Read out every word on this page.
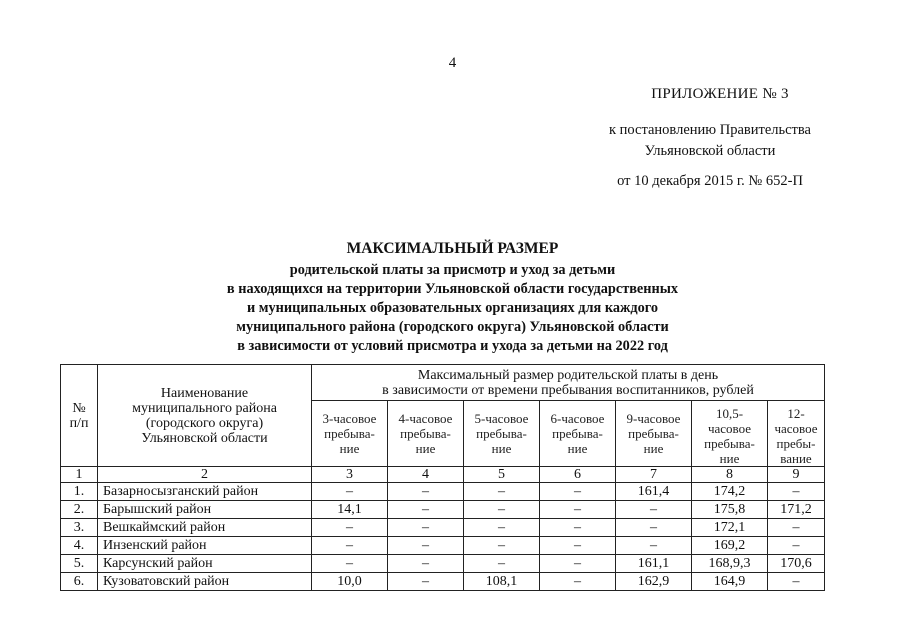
4
ПРИЛОЖЕНИЕ № 3
к постановлению Правительства
Ульяновской области
от 10 декабря 2015 г. № 652-П
МАКСИМАЛЬНЫЙ РАЗМЕР
родительской платы за присмотр и уход за детьми
в находящихся на территории Ульяновской области государственных
и муниципальных образовательных организациях для каждого
муниципального района (городского округа) Ульяновской области
в зависимости от условий присмотра и ухода за детьми на 2022 год
№
п/п	Наименование
муниципального района
(городского округа)
Ульяновской области	Максимальный размер родительской платы в день
в зависимости от времени пребывания воспитанников, рублей						
		3-часовое
пребыва-
ние	4-часовое
пребыва-
ние	5-часовое
пребыва-
ние	6-часовое
пребыва-
ние	9-часовое
пребыва-
ние	10,5-
часовое
пребыва-
ние	12-
часовое
пребы-
вание
1	2	3	4	5	6	7	8	9
1.	Базарносызганский район	–	–	–	–	161,4	174,2	–
2.	Барышский район	14,1	–	–	–	–	175,8	171,2
3.	Вешкаймский район	–	–	–	–	–	172,1	–
4.	Инзенский район	–	–	–	–	–	169,2	–
5.	Карсунский район	–	–	–	–	161,1	168,9,3	170,6
6.	Кузоватовский район	10,0	–	108,1	–	162,9	164,9	–
